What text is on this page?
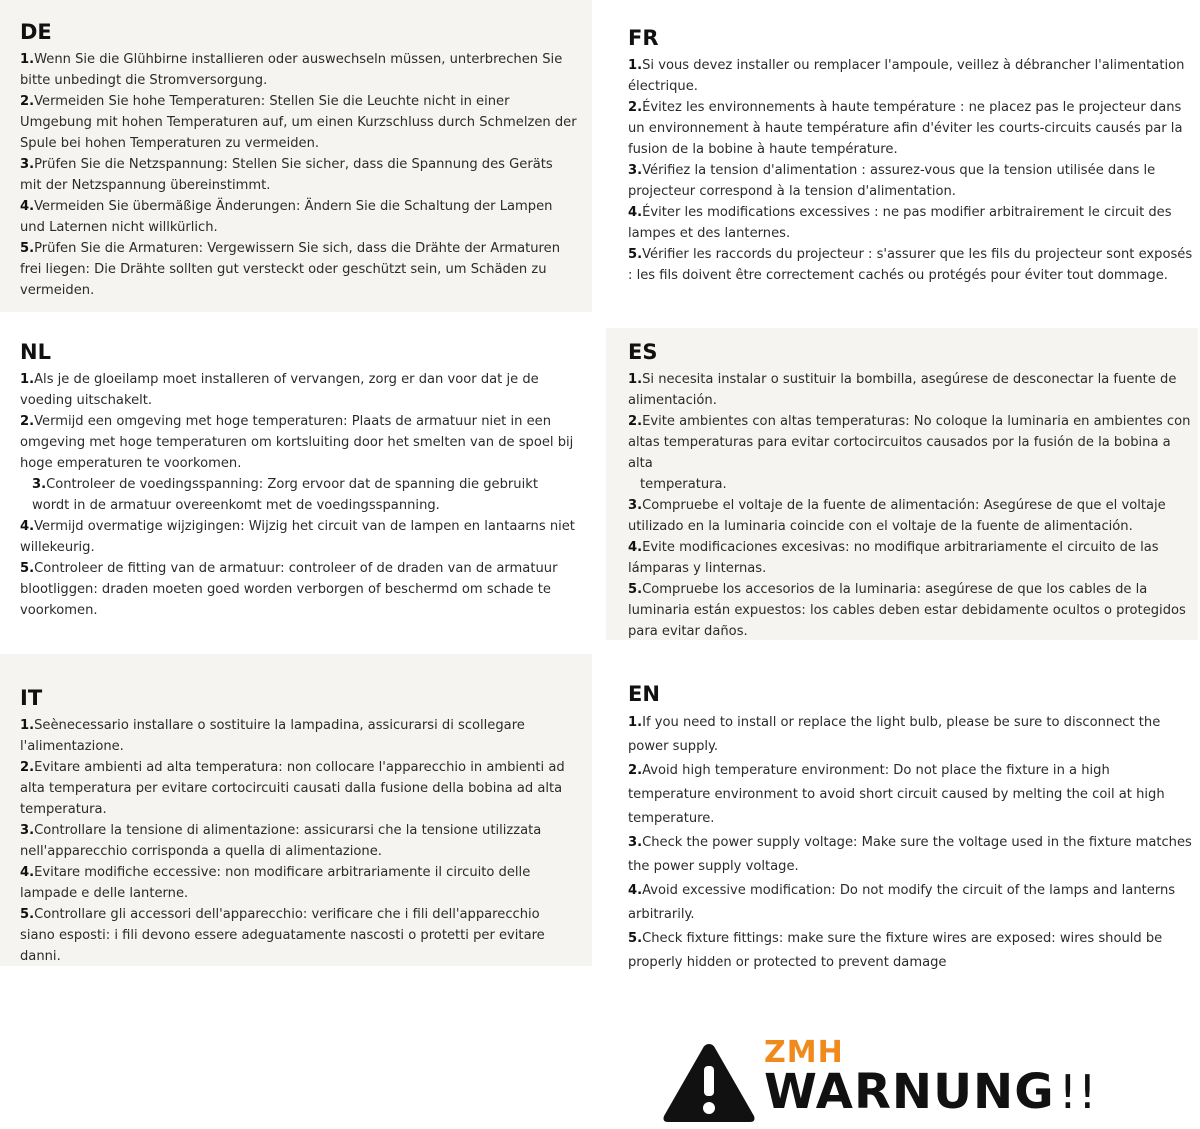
DE

1.Wenn Sie die Glühbirne installieren oder auswechseln müssen, unterbrechen Sie bitte unbedingt die Stromversorgung.

2.Vermeiden Sie hohe Temperaturen: Stellen Sie die Leuchte nicht in einer Umgebung mit hohen Temperaturen auf, um einen Kurzschluss durch Schmelzen der Spule bei hohen Temperaturen zu vermeiden.

3.Prüfen Sie die Netzspannung: Stellen Sie sicher, dass die Spannung des Geräts mit der Netzspannung übereinstimmt.

4.Vermeiden Sie übermäßige Änderungen: Ändern Sie die Schaltung der Lampen und Laternen nicht willkürlich.

5.Prüfen Sie die Armaturen: Vergewissern Sie sich, dass die Drähte der Armaturen frei liegen: Die Drähte sollten gut versteckt oder geschützt sein, um Schäden zu vermeiden.

FR

1.Si vous devez installer ou remplacer l'ampoule, veillez à débrancher l'alimentation électrique.

2.Évitez les environnements à haute température : ne placez pas le projecteur dans un environnement à haute température afin d'éviter les courts-circuits causés par la fusion de la bobine à haute température.

3.Vérifiez la tension d'alimentation : assurez-vous que la tension utilisée dans le projecteur correspond à la tension d'alimentation.

4.Éviter les modifications excessives : ne pas modifier arbitrairement le circuit des lampes et des lanternes.

5.Vérifier les raccords du projecteur : s'assurer que les fils du projecteur sont exposés : les fils doivent être correctement cachés ou protégés pour éviter tout dommage.

NL

1.Als je de gloeilamp moet installeren of vervangen, zorg er dan voor dat je de voeding uitschakelt.

2.Vermijd een omgeving met hoge temperaturen: Plaats de armatuur niet in een omgeving met hoge temperaturen om kortsluiting door het smelten van de spoel bij hoge emperaturen te voorkomen.

3.Controleer de voedingsspanning: Zorg ervoor dat de spanning die gebruikt wordt in de armatuur overeenkomt met de voedingsspanning.

4.Vermijd overmatige wijzigingen: Wijzig het circuit van de lampen en lantaarns niet willekeurig.

5.Controleer de fitting van de armatuur: controleer of de draden van de armatuur blootliggen: draden moeten goed worden verborgen of beschermd om schade te voorkomen.

ES

1.Si necesita instalar o sustituir la bombilla, asegúrese de desconectar la fuente de alimentación.

2.Evite ambientes con altas temperaturas: No coloque la luminaria en ambientes con altas temperaturas para evitar cortocircuitos causados por la fusión de la bobina a alta
temperatura.

3.Compruebe el voltaje de la fuente de alimentación: Asegúrese de que el voltaje utilizado en la luminaria coincide con el voltaje de la fuente de alimentación.

4.Evite modificaciones excesivas: no modifique arbitrariamente el circuito de las lámparas y linternas.

5.Compruebe los accesorios de la luminaria: asegúrese de que los cables de la luminaria están expuestos: los cables deben estar debidamente ocultos o protegidos para evitar daños.

IT

1.Seènecessario installare o sostituire la lampadina, assicurarsi di scollegare l'alimentazione.

2.Evitare ambienti ad alta temperatura: non collocare l'apparecchio in ambienti ad alta temperatura per evitare cortocircuiti causati dalla fusione della bobina ad alta temperatura.

3.Controllare la tensione di alimentazione: assicurarsi che la tensione utilizzata nell'apparecchio corrisponda a quella di alimentazione.

4.Evitare modifiche eccessive: non modificare arbitrariamente il circuito delle lampade e delle lanterne.

5.Controllare gli accessori dell'apparecchio: verificare che i fili dell'apparecchio siano esposti: i fili devono essere adeguatamente nascosti o protetti per evitare danni.

EN

1.If you need to install or replace the light bulb, please be sure to disconnect the power supply.

2.Avoid high temperature environment: Do not place the fixture in a high temperature environment to avoid short circuit caused by melting the coil at high temperature.

3.Check the power supply voltage: Make sure the voltage used in the fixture matches the power supply voltage.

4.Avoid excessive modification: Do not modify the circuit of the lamps and lanterns arbitrarily.

5.Check fixture fittings: make sure the fixture wires are exposed: wires should be properly hidden or protected to prevent damage

ZMH
WARNUNG!!
